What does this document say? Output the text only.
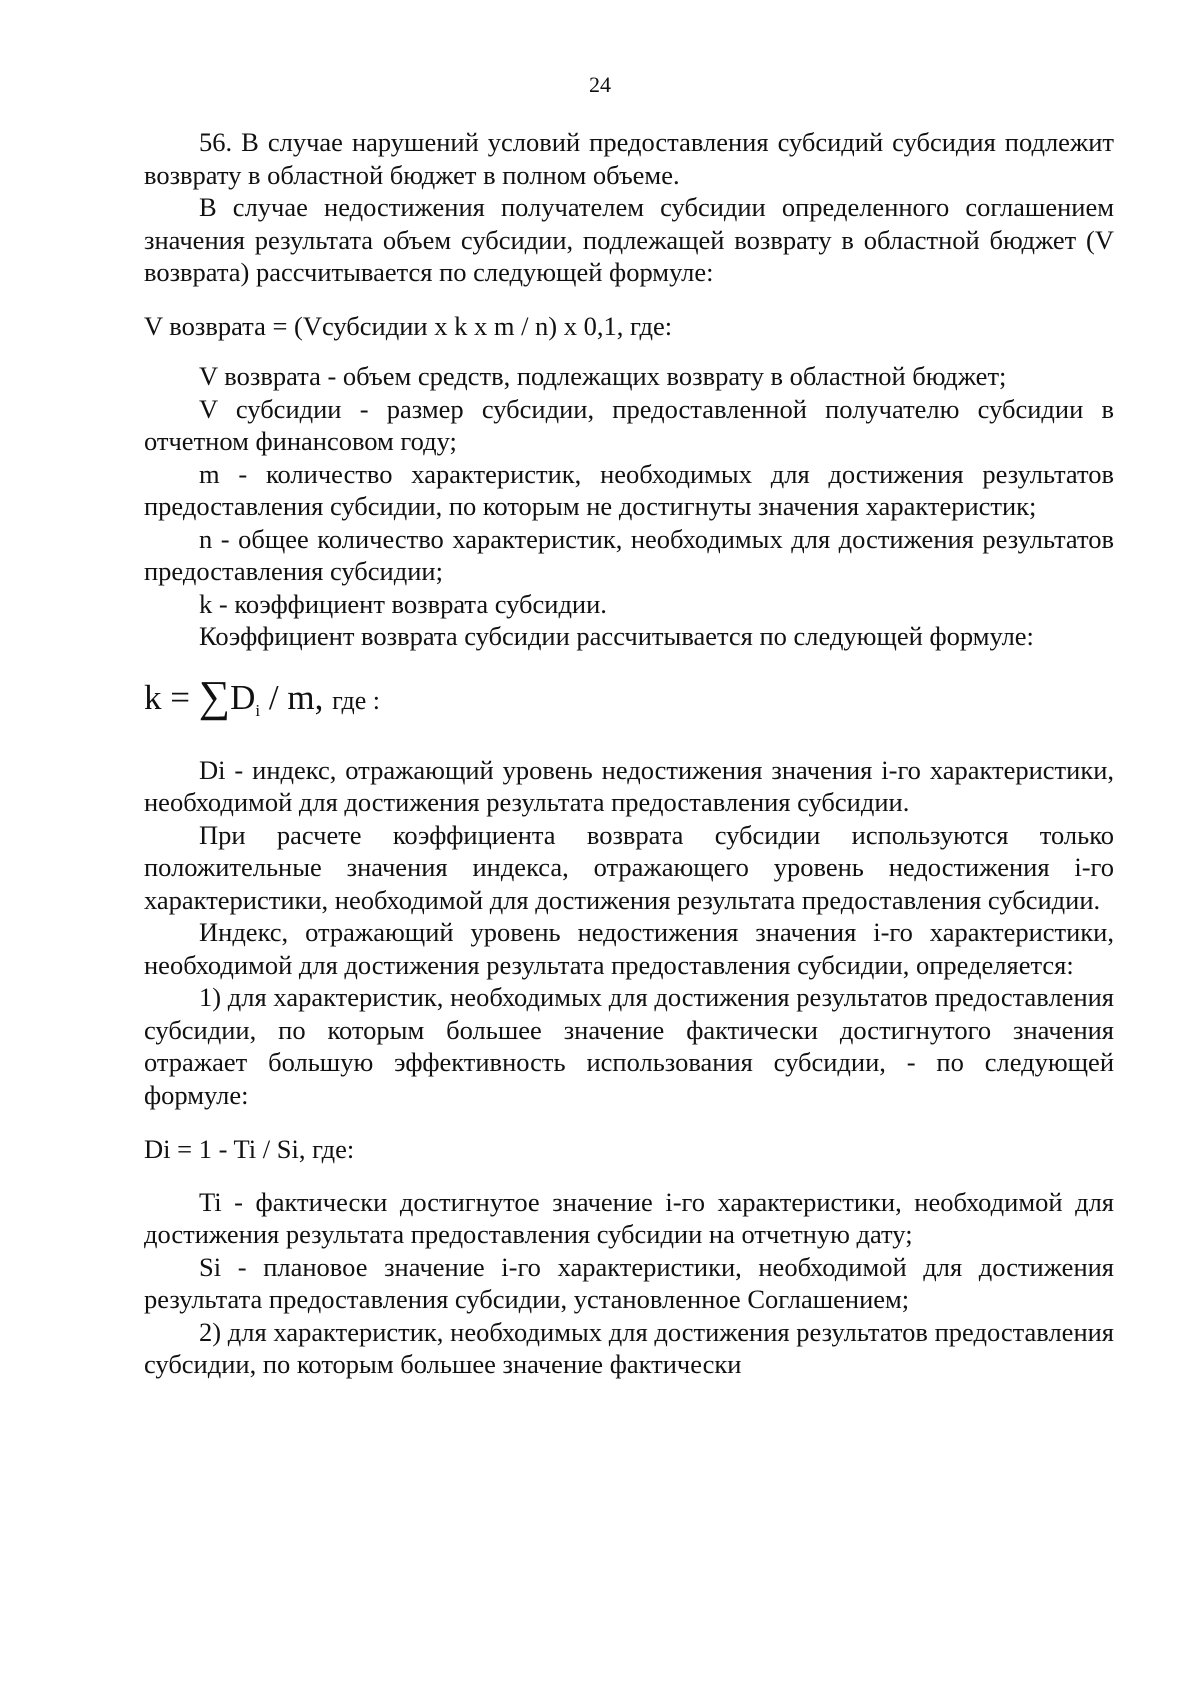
24

56. В случае нарушений условий предоставления субсидий субсидия подлежит возврату в областной бюджет в полном объеме.

В случае недостижения получателем субсидии определенного соглашением значения результата объем субсидии, подлежащей возврату в областной бюджет (V возврата) рассчитывается по следующей формуле:

V возврата = (Vсубсидии x k x m / n) x 0,1, где:

V возврата - объем средств, подлежащих возврату в областной бюджет;

V субсидии - размер субсидии, предоставленной получателю субсидии в отчетном финансовом году;

m - количество характеристик, необходимых для достижения результатов предоставления субсидии, по которым не достигнуты значения характеристик;

n - общее количество характеристик, необходимых для достижения результатов предоставления субсидии;

k - коэффициент возврата субсидии.

Коэффициент возврата субсидии рассчитывается по следующей формуле:

$k = \sum D_i / m$, где :

Di - индекс, отражающий уровень недостижения значения i-го характеристики, необходимой для достижения результата предоставления субсидии.

При расчете коэффициента возврата субсидии используются только положительные значения индекса, отражающего уровень недостижения i-го характеристики, необходимой для достижения результата предоставления субсидии.

Индекс, отражающий уровень недостижения значения i-го характеристики, необходимой для достижения результата предоставления субсидии, определяется:

1) для характеристик, необходимых для достижения результатов предоставления субсидии, по которым большее значение фактически достигнутого значения отражает большую эффективность использования субсидии, - по следующей формуле:

Di = 1 - Ti / Si, где:

Ti - фактически достигнутое значение i-го характеристики, необходимой для достижения результата предоставления субсидии на отчетную дату;

Si - плановое значение i-го характеристики, необходимой для достижения результата предоставления субсидии, установленное Соглашением;

2) для характеристик, необходимых для достижения результатов предоставления субсидии, по которым большее значение фактически
